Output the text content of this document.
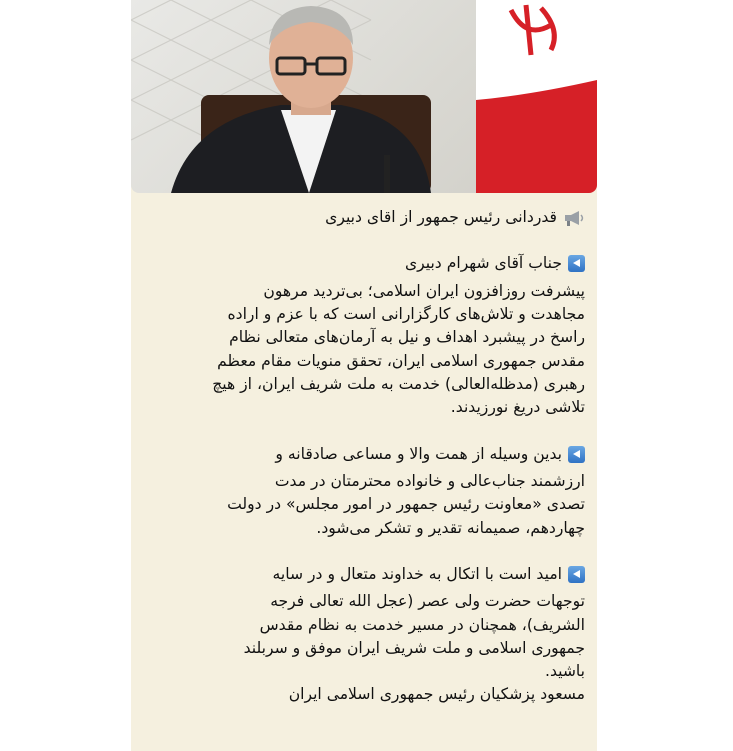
قدردانی رئیس جمهور از اقای دبیری

جناب آقای شهرام دبیری

پیشرفت روزافزون ایران اسلامی؛ بی‌تردید مرهون

مجاهدت و تلاش‌های کارگزارانی است که با عزم و اراده

راسخ در پیشبرد اهداف و نیل به آرمان‌های متعالی نظام

مقدس جمهوری اسلامی ایران، تحقق منویات مقام معظم

رهبری (مدظله‌العالی) خدمت به ملت شریف ایران، از هیچ

تلاشی دریغ نورزیدند.

بدین وسیله از همت والا و مساعی صادقانه و

ارزشمند جناب‌عالی و خانواده محترمتان در مدت

تصدی «معاونت رئیس جمهور در امور مجلس» در دولت

چهاردهم، صمیمانه تقدیر و تشکر می‌شود.

امید است با اتکال به خداوند متعال و در سایه

توجهات حضرت ولی عصر (عجل الله تعالی فرجه

الشریف)، همچنان در مسیر خدمت به نظام مقدس

جمهوری اسلامی و ملت شریف ایران موفق و سربلند

باشید.

مسعود پزشکیان رئیس جمهوری اسلامی ایران
